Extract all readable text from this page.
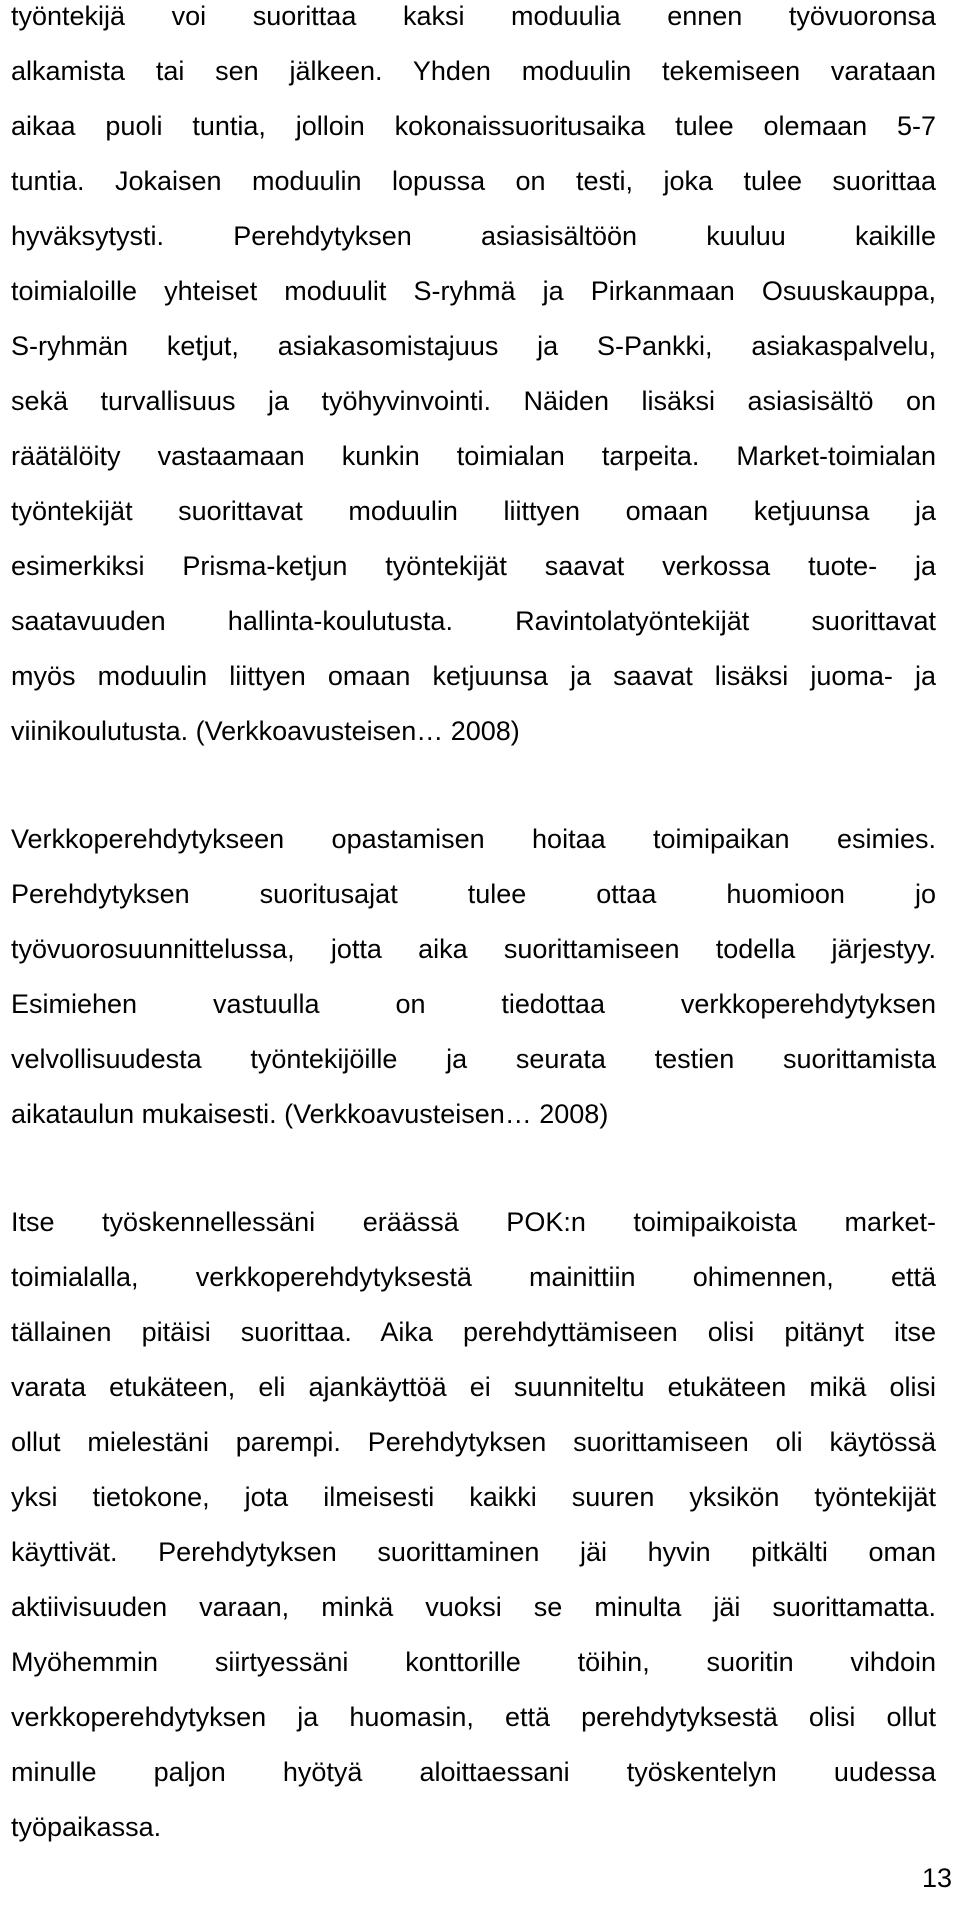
työntekijä voi suorittaa kaksi moduulia ennen työvuoronsa
alkamista tai sen jälkeen. Yhden moduulin tekemiseen varataan
aikaa puoli tuntia, jolloin kokonaissuoritusaika tulee olemaan 5-7
tuntia. Jokaisen moduulin lopussa on testi, joka tulee suorittaa
hyväksytysti. Perehdytyksen asiasisältöön kuuluu kaikille
toimialoille yhteiset moduulit S-ryhmä ja Pirkanmaan Osuuskauppa,
S-ryhmän ketjut, asiakasomistajuus ja S-Pankki, asiakaspalvelu,
sekä turvallisuus ja työhyvinvointi. Näiden lisäksi asiasisältö on
räätälöity vastaamaan kunkin toimialan tarpeita. Market-toimialan
työntekijät suorittavat moduulin liittyen omaan ketjuunsa ja
esimerkiksi Prisma-ketjun työntekijät saavat verkossa tuote- ja
saatavuuden hallinta-koulutusta. Ravintolatyöntekijät suorittavat
myös moduulin liittyen omaan ketjuunsa ja saavat lisäksi juoma- ja
viinikoulutusta. (Verkkoavusteisen… 2008)
Verkkoperehdytykseen opastamisen hoitaa toimipaikan esimies.
Perehdytyksen suoritusajat tulee ottaa huomioon jo
työvuorosuunnittelussa, jotta aika suorittamiseen todella järjestyy.
Esimiehen vastuulla on tiedottaa verkkoperehdytyksen
velvollisuudesta työntekijöille ja seurata testien suorittamista
aikataulun mukaisesti. (Verkkoavusteisen… 2008)
Itse työskennellessäni eräässä POK:n toimipaikoista market-
toimialalla, verkkoperehdytyksestä mainittiin ohimennen, että
tällainen pitäisi suorittaa. Aika perehdyttämiseen olisi pitänyt itse
varata etukäteen, eli ajankäyttöä ei suunniteltu etukäteen mikä olisi
ollut mielestäni parempi. Perehdytyksen suorittamiseen oli käytössä
yksi tietokone, jota ilmeisesti kaikki suuren yksikön työntekijät
käyttivät. Perehdytyksen suorittaminen jäi hyvin pitkälti oman
aktiivisuuden varaan, minkä vuoksi se minulta jäi suorittamatta.
Myöhemmin siirtyessäni konttorille töihin, suoritin vihdoin
verkkoperehdytyksen ja huomasin, että perehdytyksestä olisi ollut
minulle paljon hyötyä aloittaessani työskentelyn uudessa
työpaikassa.
13
